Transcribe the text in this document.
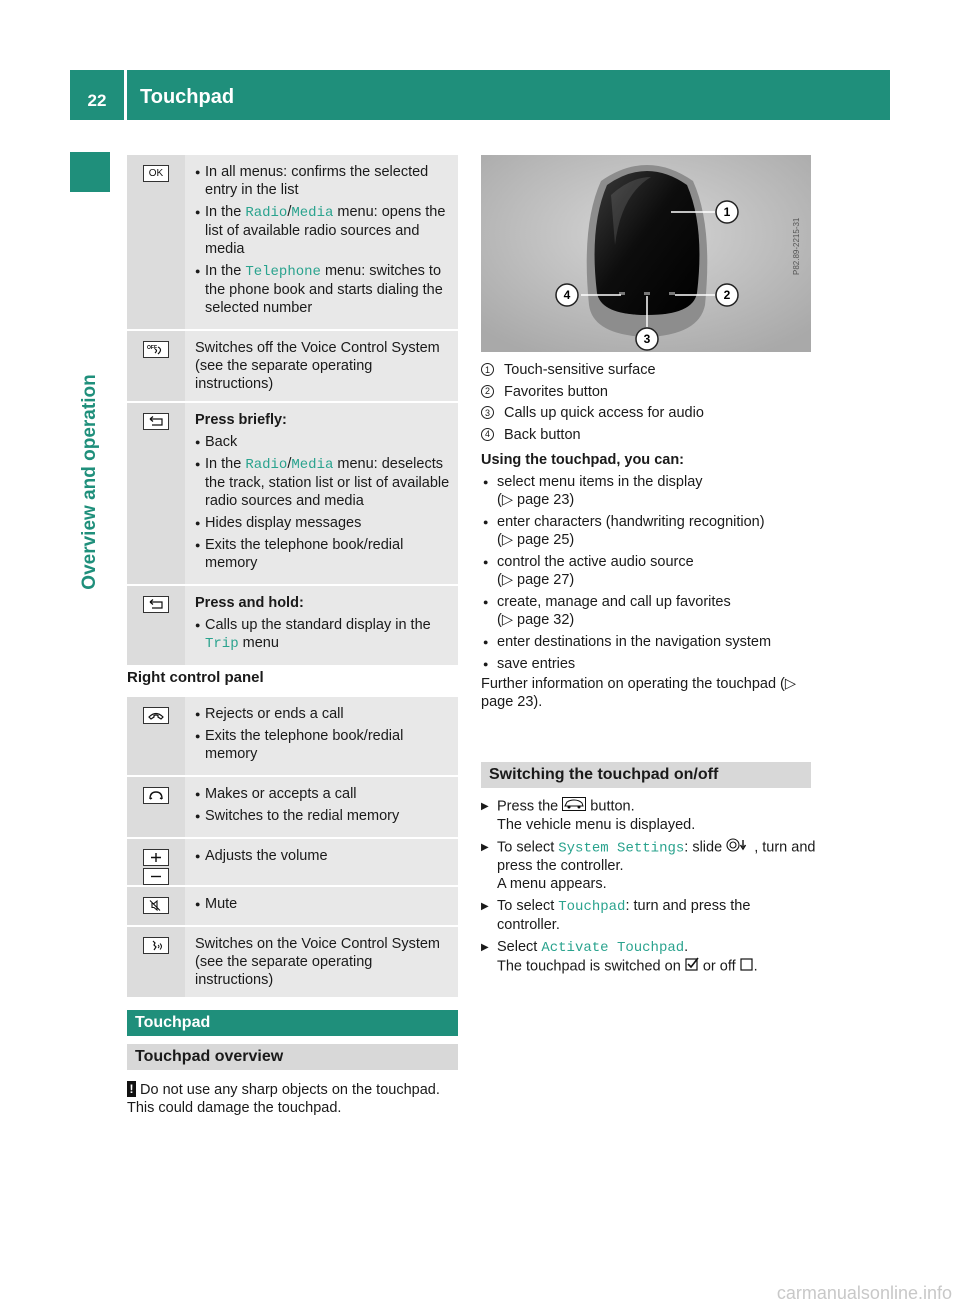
22	Touchpad
Overview and operation
OK
●	In all menus: confirms the selected entry in the list
● In the Radio/Media menu: opens the list of available radio sources and media
● In the Telephone menu: switches to the phone book and starts dialing the selected number
OFF	Switches off the Voice Control System (see the separate operating instructions)
Press briefly:
● Back
● In the Radio/Media menu: deselects the track, station list or list of available radio sources and media
● Hides display messages
● Exits the telephone book/redial memory
Press and hold:
● Calls up the standard display in the Trip menu
Right control panel
● Rejects or ends a call
● Exits the telephone book/redial memory
● Makes or accepts a call
● Switches to the redial memory
● Adjusts the volume
● Mute
Switches on the Voice Control System (see the separate operating instructions)
Touchpad
Touchpad overview
! Do not use any sharp objects on the touchpad. This could damage the touchpad.
1
2
3
4
P82.89-2215-31
1 Touch-sensitive surface
2 Favorites button
3 Calls up quick access for audio
4 Back button
Using the touchpad, you can:
● select menu items in the display
(▷ page 23)
● enter characters (handwriting recognition)
(▷ page 25)
● control the active audio source
(▷ page 27)
● create, manage and call up favorites
(▷ page 32)
● enter destinations in the navigation system
● save entries
Further information on operating the touchpad (▷ page 23).
Switching the touchpad on/off
▶ Press the  button.
The vehicle menu is displayed.
▶ To select System Settings: slide , turn and press the controller.
A menu appears.
▶ To select Touchpad: turn and press the controller.
▶ Select Activate Touchpad.
The touchpad is switched on  or off .
carmanualsonline.info
